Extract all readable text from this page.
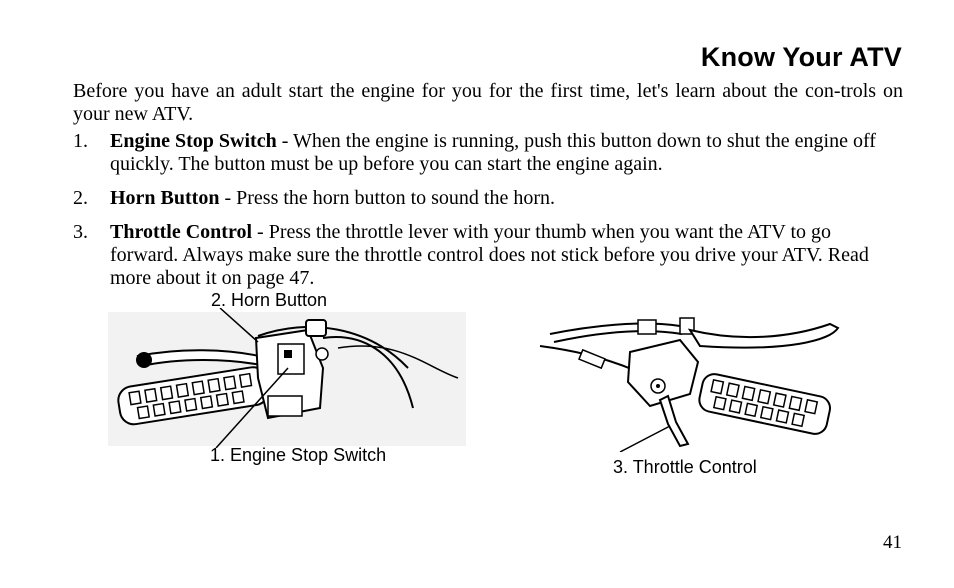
Know Your ATV
Before you have an adult start the engine for you for the first time, let's learn about the con-trols on your new ATV.
1.	Engine Stop Switch - When the engine is running, push this button down to shut the engine off quickly. The button must be up before you can start the engine again.
2.	Horn Button - Press the horn button to sound the horn.
3.	Throttle Control - Press the throttle lever with your thumb when you want the ATV to go forward. Always make sure the throttle control does not stick before you drive your ATV. Read more about it on page 47.
2. Horn Button
1. Engine Stop Switch
3. Throttle Control
41
